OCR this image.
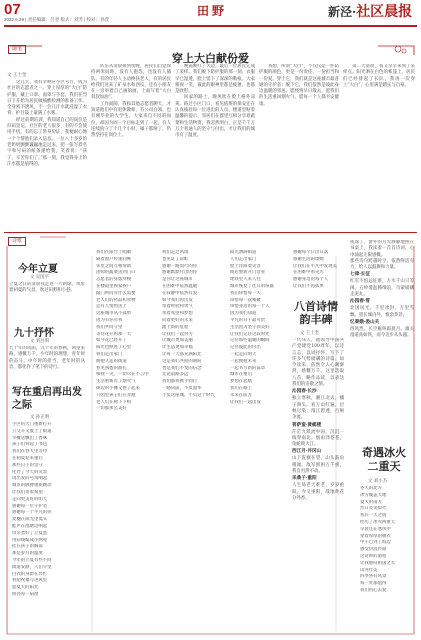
07
2022.6.29 | 责任编辑：吕翌 版式：刘芳 | 校对：孙萱
田野	新泾·社区晨报
随笔
穿上大白献份爱
文 王士奎

这几天，我有幸响应小区号召，成为社区的志愿者之一。穿上厚厚的“大白”防护服，戴上口罩、面罩与手套，我们在烈日下开始为居民做核酸检测的准备工作。全身密不透风，不一会儿汗水就浸湿了衣背，护目镜上蒙满了水雾。

经过前期培训，我知道自己的岗位是扫码登记。社区的老人很多，有的不会使用手机，有的忘了带身份证，我便耐心地一个个帮他们录入信息。一位八十多岁的老奶奶颤颤巍巍地走过来，把一张写着名字和号码的纸条递给我，笑着说：“孩子，辛苦你们了。”那一刻，我觉得身上的汗水都是值得的。

队伍从清晨排到傍晚，居民们自觉保持两米间距，没有人抱怨，也没有人插队。有的年轻人主动搀扶老人，有的居民给我们送来了矿泉水和西瓜，还有小朋友在一旁举着自己画的画，上面写着“大白叔叔加油”。

工作间隙，我和其他志愿者聊天，才知道他们中有退休教师、有公司白领、也有刚毕业的大学生。大家来自不同的岗位，却因为同一个目标走到了一起。有人连续值守了十几个小时，嗓子都哑了，仍然坚持在岗位上。

晚霞映红了天边，最后一位居民完成了采样。我们脱下防护服的那一刻，衣服早已湿透，脸上留下了深深的勒痕。大家相视一笑，彼此的眼神里都是疲惫，也都是欣慰。

回家的路上，晚风吹在脸上格外凉爽。路过小区门口，看见值班的保安还在认真核验每一位进出的人员，楼道里贴着温馨的提示，邻居们在群里互相分享着蔬菜和生活物资。我忽然明白，正是千千万万个普通人的坚守与付出，才让我们的城市有了温度。

我想，所谓“大白”，不仅仅是一件防护服的颜色，更是一份责任、一份担当和一份爱。穿上它，我们就是这座城市最普通的守护者；脱下它，我们依然是彼此身边温暖的邻居。愿疫情早日散去，愿我们的生活重回烟火气，愿每一个人都平安健康。

第二天清晨，我又早早来到了采样点。阳光洒在白色的帐篷上，居民们已经排起了长队，我再一次穿上“大白”，心里满是踏实与自豪。

诗歌
今年立夏
文 吴国平
立夏之日的清晨我走进一片新绿，风带着初夏的气息，吹过田野和小巷。
九十抒怀
文 刘昌明
九十年的风雨，九十年的春秋，回望来路，感慨万千。少年时的理想，青年时的奋斗，中年时的担当，老年时的从容，都化作了笔下的诗行。
写在重启再出发之际
文 孙正明
小区的大门重新打开
公交车又驶上了街道
早餐店飘出了香味
孩子们背起了书包
我们在春天里等待
在初夏迎来重启
那些日子的坚守
化作了今天的笑容
再出发的号角响起
城市的脉搏重新跳动
让我们带着希望
走向更美好的明天
感谢每一位守护者
感谢每一个平凡的你
麦穗在阳光里低头
蛙声在池塘边响起
母亲煮好了立夏蛋
用彩线编成小网兜
挂在孩子的胸前
那是岁月的温度
今年的立夏有些不同
街道安静，人们守望
白衣的身影在奔忙
我把祝福写进风里
愿夏天的阳光
照亮每一扇窗
我们在阳台上唱歌
隔着窗户传递问候
邻里之间互相帮助
团购的蔬菜送到门口
志愿者的身影穿梭
在楼道里挨家挨户
敲门询问有什么需要
老人们的药品和食物
总有人悄悄送上
这座城市从不孤单
因为有你有我
我们共同守望
等待花开的那一天
如今花已经开了
阳光也照进了心里
我们走出家门
拥抱久违的街道
看见熟悉的面孔
相视一笑，一切尽在不言中
生活重新有了烟火气
街边的小摊又摆了起来
公园里孩子们在奔跑
老人们在树下下棋
一切都那么美好
我们走过风雨
也见证了彩虹
感谢一路同行的你
感谢默默付出的你
是你让这座城市
在困难中依然温暖
在寂静中依然有爱
如今我们再出发
带着经验和勇气
带着希望和梦想
向着更好的未来
踏上新的征程
让我们一起努力
让城市更加美丽
让生活更加幸福
让每一天都充满阳光
这是我们共同的期盼
也是我们不变的信念
无论前路多远
我们都将携手同行
一路向前，不负韶华
不负这座城，不负这个时代
阳光洒满街道
人们走出家门
脸上洋溢着笑容
商店重新开门营业
地铁里人来人往
城市恢复了往日的喧嚣
我们珍惜每一天
珍惜每一次相聚
珍惜身边的每一个人
因为我们知道
平凡的日子最可贵
生活因为坚守而美好
让我们记住这段时光
记住那些温暖的瞬间
记住彼此的付出
一起走向明天
一起拥抱未来
一起书写新的篇章
城市在重启
梦想在起航
我们在路上
未来在前方
让我们一起出发
感谢每个日出日落
感谢生活的馈赠
让我们在平凡中发现美
在困难中看见光
感谢身边的每个人
让我们不再孤单
八首诗情韵丰碑
文 王士奎
一代伟人，他领导中国共产党建党100周年，以诗言志，以词抒怀，写下了许多气势磅礴的诗篇。如今读来，依然令人心潮澎湃，感慨万千。这里选取八首，略作品读，以表达我们的崇敬之情。
沁园春·长沙
独立寒秋，湘江北去，橘子洲头。看万山红遍，层林尽染；漫江碧透，百舸争流。
菩萨蛮·黄鹤楼
茫茫九派流中国，沉沉一线穿南北。烟雨莽苍苍，龟蛇锁大江。
西江月·井冈山
山下旌旗在望，山头鼓角相闻。敌军围困万千重，我自岿然不动。
采桑子·重阳
人生易老天难老，岁岁重阳。今又重阳，战地黄花分外香。
夜深了，窗外的月光静静地照在书桌上，我读着一首首诗词，心中涌起无限感慨。
那些诗句跨越时空，依然鲜活有力，给人以鼓舞和力量。
七律·长征
红军不怕远征难，万水千山只等闲。五岭逶迤腾细浪，乌蒙磅礴走泥丸。
沁园春·雪
北国风光，千里冰封，万里雪飘。望长城内外，惟余莽莽。
忆秦娥·娄山关
西风烈，长空雁叫霜晨月。雄关漫道真如铁，而今迈步从头越。
奇遇冰火二重天
文 刘小杰
冬天的北方
冰雪覆盖大地
夏天的南方
烈日炎炎似火
我在一天之间
经历了冰火两重天
早晨还在寒风中
穿着厚厚的棉衣
中午已到了海边
感受热浪扑面
这奇妙的旅程
让我感叹祖国之大
山河壮美
四季各有风景
每一处都值得
我们用心去爱
